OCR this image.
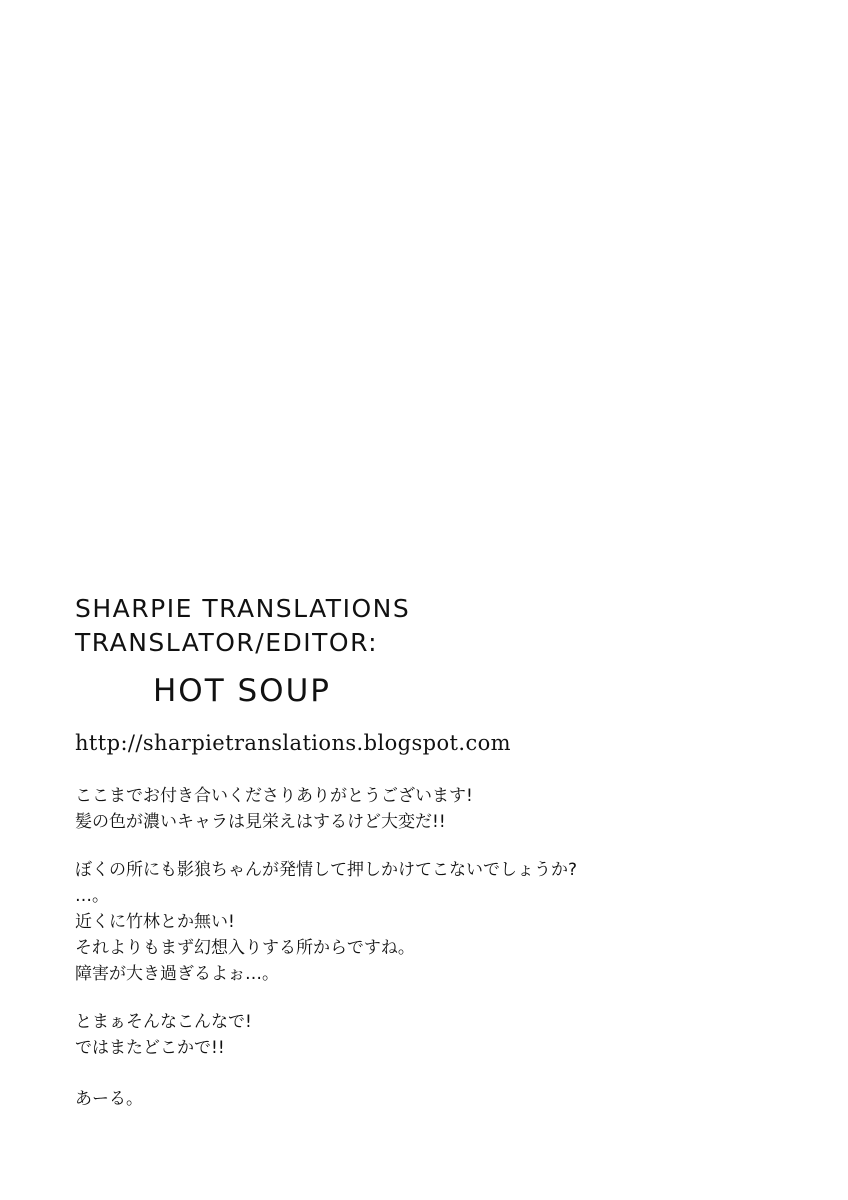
SHARPIE TRANSLATIONS
TRANSLATOR/EDITOR:
HOT SOUP
http://sharpietranslations.blogspot.com

ここまでお付き合いくださりありがとうございます!
髪の色が濃いキャラは見栄えはするけど大変だ!!

ぼくの所にも影狼ちゃんが発情して押しかけてこないでしょうか?
…。
近くに竹林とか無い!
それよりもまず幻想入りする所からですね。
障害が大き過ぎるよぉ…。

とまぁそんなこんなで!
ではまたどこかで!!

あーる。
